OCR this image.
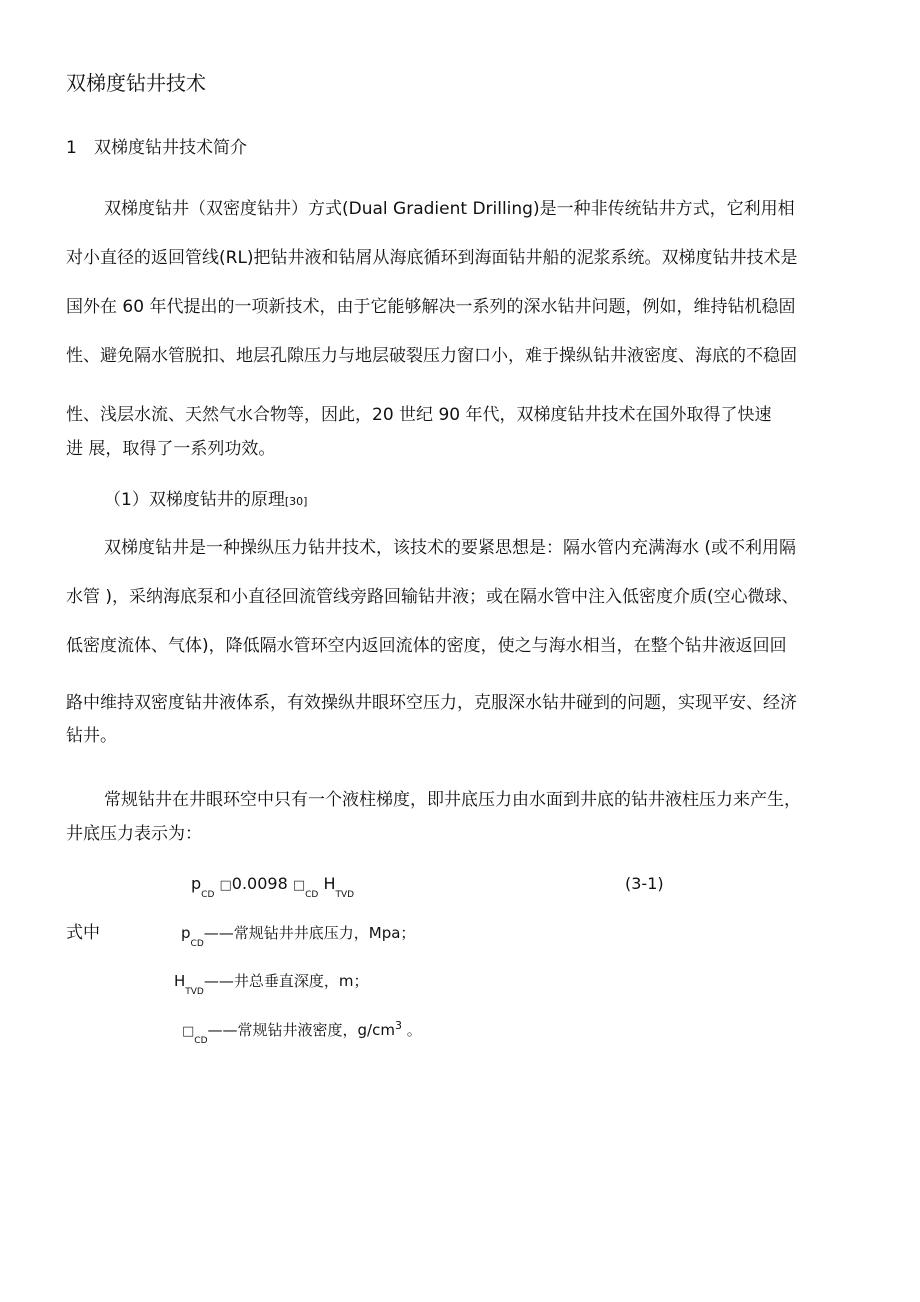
双梯度钻井技术
1 双梯度钻井技术简介
双梯度钻井（双密度钻井）方式(Dual Gradient Drilling)是一种非传统钻井方式，它利用相
对小直径的返回管线(RL)把钻井液和钻屑从海底循环到海面钻井船的泥浆系统。双梯度钻井技术是
国外在 60 年代提出的一项新技术，由于它能够解决一系列的深水钻井问题，例如，维持钻机稳固
性、避免隔水管脱扣、地层孔隙压力与地层破裂压力窗口小，难于操纵钻井液密度、海底的不稳固
性、浅层水流、天然气水合物等，因此，20 世纪 90 年代，双梯度钻井技术在国外取得了快速
进 展，取得了一系列功效。
（1）双梯度钻井的原理[30]
双梯度钻井是一种操纵压力钻井技术，该技术的要紧思想是：隔水管内充满海水 (或不利用隔
水管 )，采纳海底泵和小直径回流管线旁路回输钻井液；或在隔水管中注入低密度介质(空心微球、
低密度流体、气体)，降低隔水管环空内返回流体的密度，使之与海水相当，在整个钻井液返回回
路中维持双密度钻井液体系，有效操纵井眼环空压力，克服深水钻井碰到的问题，实现平安、经济
钻井。
常规钻井在井眼环空中只有一个液柱梯度，即井底压力由水面到井底的钻井液柱压力来产生，
井底压力表示为：
$p_{CD}$ □0.0098 $□_{CD}$ $H_{TVD}$
(3-1)
式中	$p_{CD}——$常规钻井井底压力，Mpa；
$H_{TVD}——$井总垂直深度，m；
$□_{CD}——$常规钻井液密度，$g/cm^3$ 。
